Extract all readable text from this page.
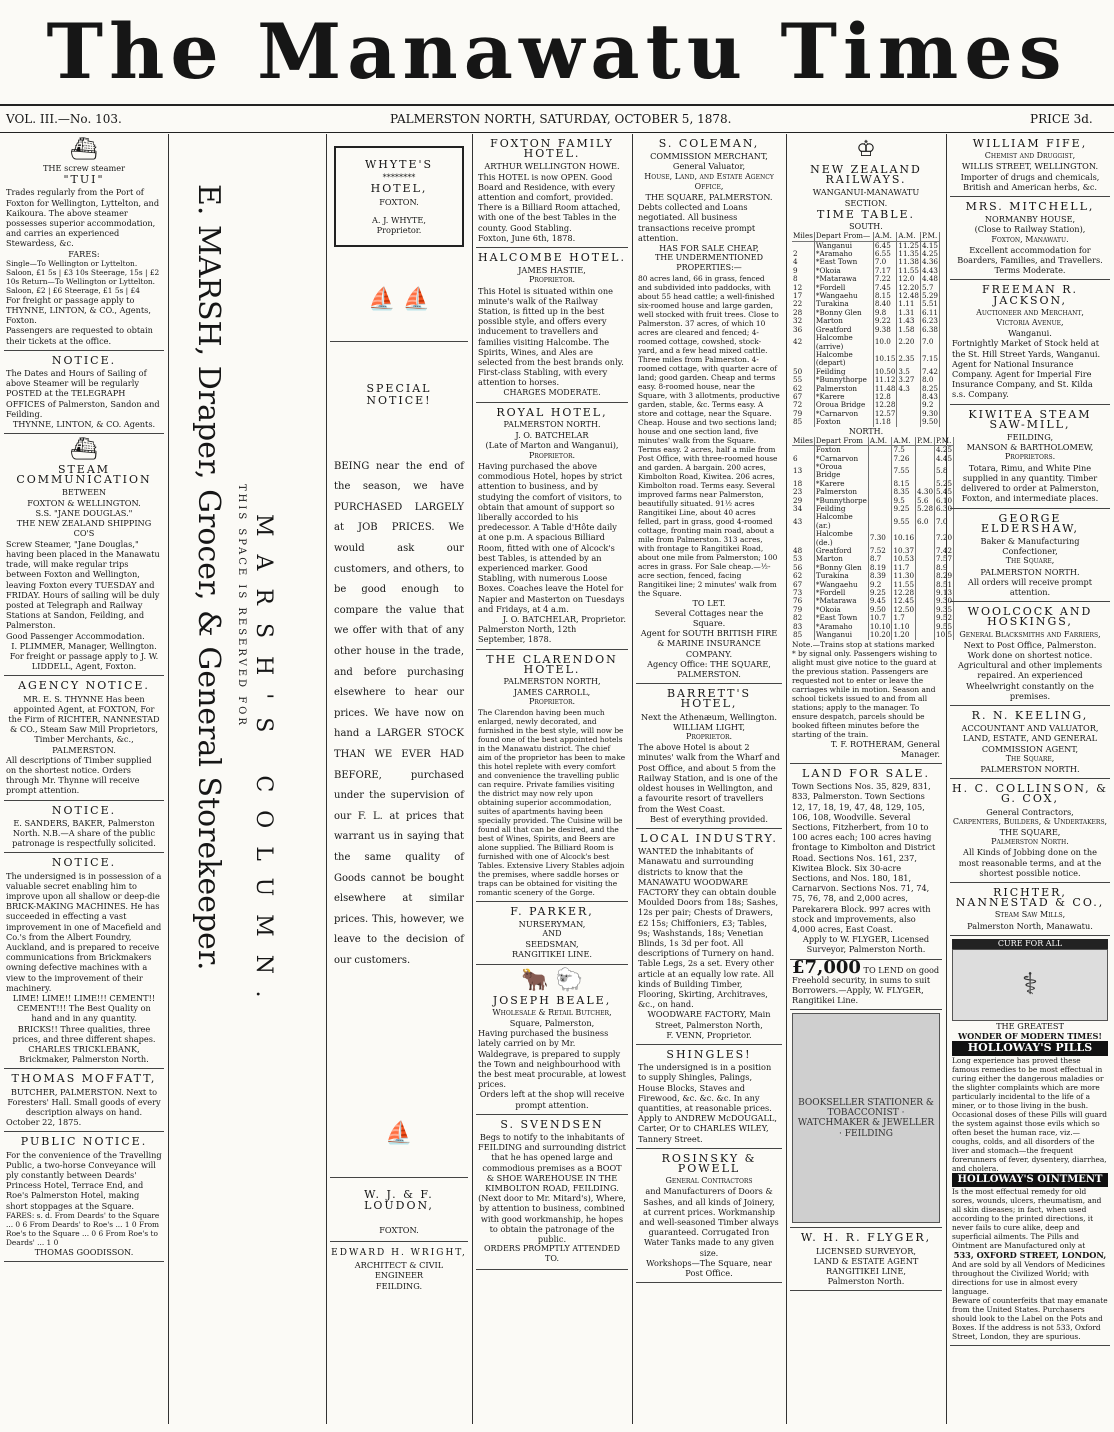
The Manawatu Times
VOL. III.—No. 103.	PALMERSTON NORTH, SATURDAY, OCTOBER 5, 1878.	PRICE 3d.
⛴
THE screw steamer
"TUI"
Trades regularly from the Port of Foxton for Wellington, Lyttelton, and Kaikoura. The above steamer possesses superior accommodation, and carries an experienced Stewardess, &c.
FARES:
Single—To Wellington or Lyttelton. Saloon, £1 5s | £3 10s Steerage, 15s | £2 10s Return—To Wellington or Lyttelton. Saloon, £2 | £6 Steerage, £1 5s | £4
For freight or passage apply to THYNNE, LINTON, & CO., Agents, Foxton.
Passengers are requested to obtain their tickets at the office.
NOTICE.
The Dates and Hours of Sailing of above Steamer will be regularly POSTED at the TELEGRAPH OFFICES of Palmerston, Sandon and Feilding.
THYNNE, LINTON, & CO. Agents.
⛴
STEAM COMMUNICATION
BETWEEN
FOXTON & WELLINGTON.
S.S. "JANE DOUGLAS."
THE NEW ZEALAND SHIPPING CO'S
Screw Steamer, "Jane Douglas," having been placed in the Manawatu trade, will make regular trips between Foxton and Wellington, leaving Foxton every TUESDAY and FRIDAY. Hours of sailing will be duly posted at Telegraph and Railway Stations at Sandon, Feilding, and Palmerston.
Good Passenger Accommodation.
I. PLIMMER, Manager, Wellington.
For freight or passage apply to J. W. LIDDELL, Agent, Foxton.
AGENCY NOTICE.
MR. E. S. THYNNE Has been appointed Agent, at FOXTON, For the Firm of RICHTER, NANNESTAD & CO., Steam Saw Mill Proprietors, Timber Merchants, &c., PALMERSTON.
All descriptions of Timber supplied on the shortest notice. Orders through Mr. Thynne will receive prompt attention.
NOTICE.
E. SANDERS, BAKER, Palmerston North. N.B.—A share of the public patronage is respectfully solicited.
NOTICE.
The undersigned is in possession of a valuable secret enabling him to improve upon all shallow or deep-die BRICK-MAKING MACHINES. He has succeeded in effecting a vast improvement in one of Macefield and Co.'s from the Albert Foundry, Auckland, and is prepared to receive communications from Brickmakers owning defective machines with a view to the improvement of their machinery.
LIME! LIME!! LIME!!! CEMENT!! CEMENT!!! The Best Quality on hand and in any quantity.
BRICKS!! Three qualities, three prices, and three different shapes.
CHARLES TRICKLEBANK, Brickmaker, Palmerston North.
THOMAS MOFFATT,
BUTCHER, PALMERSTON. Next to Foresters' Hall. Small goods of every description always on hand.
October 22, 1875.
PUBLIC NOTICE.
For the convenience of the Travelling Public, a two-horse Conveyance will ply constantly between Deards' Princess Hotel, Terrace End, and Roe's Palmerston Hotel, making short stoppages at the Square.
FARES: s. d. From Deards' to the Square ... 0 6 From Deards' to Roe's ... 1 0 From Roe's to the Square ... 0 6 From Roe's to Deards' ... 1 0
THOMAS GOODISSON.
E. MARSH, Draper, Grocer, & General Storekeeper. THIS SPACE IS RESERVED FOR MARSH'S COLUMN.
WHYTE'S
********
HOTEL,
FOXTON.
A. J. WHYTE,
Proprietor.
⛵ ⛵
SPECIAL
NOTICE!
BEING near the end of the season, we have PURCHASED LARGELY at JOB PRICES. We would ask our customers, and others, to be good enough to compare the value that we offer with that of any other house in the trade, and before purchasing elsewhere to hear our prices. We have now on hand a LARGER STOCK THAN WE EVER HAD BEFORE, purchased under the supervision of our F. L. at prices that warrant us in saying that the same quality of Goods cannot be bought elsewhere at similar prices. This, however, we leave to the decision of our customers.
⛵
W. J. & F. LOUDON,
FOXTON.
EDWARD H. WRIGHT,
ARCHITECT & CIVIL ENGINEER
FEILDING.
FOXTON FAMILY HOTEL.
ARTHUR WELLINGTON HOWE.
This HOTEL is now OPEN. Good Board and Residence, with every attention and comfort, provided. There is a Billiard Room attached, with one of the best Tables in the county. Good Stabling.
Foxton, June 6th, 1878.
HALCOMBE HOTEL.
JAMES HASTIE,
Proprietor.
This Hotel is situated within one minute's walk of the Railway Station, is fitted up in the best possible style, and offers every inducement to travellers and families visiting Halcombe. The Spirits, Wines, and Ales are selected from the best brands only. First-class Stabling, with every attention to horses.
CHARGES MODERATE.
ROYAL HOTEL,
PALMERSTON NORTH.
J. O. BATCHELAR
(Late of Marton and Wanganui),
Proprietor.
Having purchased the above commodious Hotel, hopes by strict attention to business, and by studying the comfort of visitors, to obtain that amount of support so liberally accorded to his predecessor. A Table d'Hôte daily at one p.m. A spacious Billiard Room, fitted with one of Alcock's best Tables, is attended by an experienced marker. Good Stabling, with numerous Loose Boxes. Coaches leave the Hotel for Napier and Masterton on Tuesdays and Fridays, at 4 a.m.
J. O. BATCHELAR, Proprietor.
Palmerston North, 12th September, 1878.
THE CLARENDON HOTEL.
PALMERSTON NORTH,
JAMES CARROLL,
Proprietor.
The Clarendon having been much enlarged, newly decorated, and furnished in the best style, will now be found one of the best appointed hotels in the Manawatu district. The chief aim of the proprietor has been to make this hotel replete with every comfort and convenience the travelling public can require. Private families visiting the district may now rely upon obtaining superior accommodation, suites of apartments having been specially provided. The Cuisine will be found all that can be desired, and the best of Wines, Spirits, and Beers are alone supplied. The Billiard Room is furnished with one of Alcock's best Tables. Extensive Livery Stables adjoin the premises, where saddle horses or traps can be obtained for visiting the romantic scenery of the Gorge.
F. PARKER,
NURSERYMAN,
AND
SEEDSMAN,
RANGITIKEI LINE.
🐂 🐑
JOSEPH BEALE,
Wholesale & Retail Butcher,
Square, Palmerston,
Having purchased the business lately carried on by Mr. Waldegrave, is prepared to supply the Town and neighbourhood with the best meat procurable, at lowest prices.
Orders left at the shop will receive prompt attention.
S. SVENDSEN
Begs to notify to the inhabitants of FEILDING and surrounding district that he has opened large and commodious premises as a BOOT & SHOE WAREHOUSE IN THE KIMBOLTON ROAD, FEILDING. (Next door to Mr. Mitard's), Where, by attention to business, combined with good workmanship, he hopes to obtain the patronage of the public.
ORDERS PROMPTLY ATTENDED TO.
S. COLEMAN,
COMMISSION MERCHANT,
General Valuator,
House, Land, and Estate Agency Office,
THE SQUARE, PALMERSTON.
Debts collected and Loans negotiated. All business transactions receive prompt attention.
HAS FOR SALE CHEAP,
THE UNDERMENTIONED PROPERTIES:—
80 acres land, 66 in grass, fenced and subdivided into paddocks, with about 55 head cattle; a well-finished six-roomed house and large garden, well stocked with fruit trees. Close to Palmerston. 37 acres, of which 10 acres are cleared and fenced; 4-roomed cottage, cowshed, stock-yard, and a few head mixed cattle. Three miles from Palmerston. 4-roomed cottage, with quarter acre of land; good garden. Cheap and terms easy. 8-roomed house, near the Square, with 3 allotments, productive garden, stable, &c. Terms easy. A store and cottage, near the Square. Cheap. House and two sections land; house and one section land, five minutes' walk from the Square. Terms easy. 2 acres, half a mile from Post Office, with three-roomed house and garden. A bargain. 200 acres, Kimbolton Road, Kiwitea. 206 acres, Kimbolton road. Terms easy. Several improved farms near Palmerston, beautifully situated. 91½ acres Rangitikei Line, about 40 acres felled, part in grass, good 4-roomed cottage, fronting main road, about a mile from Palmerston. 313 acres, with frontage to Rangitikei Road, about one mile from Palmerston; 100 acres in grass. For Sale cheap.—½-acre section, fenced, facing Rangitikei line; 2 minutes' walk from the Square.
TO LET.
Several Cottages near the Square.
Agent for SOUTH BRITISH FIRE & MARINE INSURANCE COMPANY.
Agency Office: THE SQUARE, PALMERSTON.
BARRETT'S HOTEL,
Next the Athenæum, Wellington.
WILLIAM LIGHT,
Proprietor.
The above Hotel is about 2 minutes' walk from the Wharf and Post Office, and about 5 from the Railway Station, and is one of the oldest houses in Wellington, and a favourite resort of travellers from the West Coast.
Best of everything provided.
LOCAL INDUSTRY.
WANTED the inhabitants of Manawatu and surrounding districts to know that the MANAWATU WOODWARE FACTORY they can obtain double Moulded Doors from 18s; Sashes, 12s per pair; Chests of Drawers, £2 15s; Chiffoniers, £3; Tables, 9s; Washstands, 18s; Venetian Blinds, 1s 3d per foot. All descriptions of Turnery on hand. Table Legs, 2s a set. Every other article at an equally low rate. All kinds of Building Timber, Flooring, Skirting, Architraves, &c., on hand.
WOODWARE FACTORY, Main Street, Palmerston North,
F. VENN, Proprietor.
SHINGLES!
The undersigned is in a position to supply Shingles, Palings, House Blocks, Staves and Firewood, &c. &c. &c. In any quantities, at reasonable prices. Apply to ANDREW McDOUGALL, Carter, Or to CHARLES WILEY, Tannery Street.
ROSINSKY & POWELL
General Contractors
and Manufacturers of Doors & Sashes, and all kinds of Joinery, at current prices. Workmanship and well-seasoned Timber always guaranteed. Corrugated Iron Water Tanks made to any given size.
Workshops—The Square, near Post Office.
♔
NEW ZEALAND RAILWAYS.
WANGANUI-MANAWATU SECTION.
TIME TABLE.
SOUTH.
Miles	Depart From—	A.M.	A.M.	P.M.
	Wanganui	6.45	11.25	4.15
2	*Aramaho	6.55	11.35	4.25
4	*East Town	7.0	11.38	4.36
9	*Okoia	7.17	11.55	4.43
8	*Matarawa	7.22	12.0	4.48
12	*Fordell	7.45	12.20	5.7
17	*Wangaehu	8.15	12.48	5.29
22	Turakina	8.40	1.11	5.51
28	*Bonny Glen	9.8	1.31	6.11
32	Marton	9.22	1.43	6.23
36	Greatford	9.38	1.58	6.38
42	Halcombe (arrive)	10.0	2.20	7.0
	Halcombe (depart)	10.15	2.35	7.15
50	Feilding	10.50	3.5	7.42
55	*Bunnythorpe	11.12	3.27	8.0
62	Palmerston	11.48	4.3	8.25
67	*Karere	12.8		8.43
72	Oroua Bridge	12.28		9.2
79	*Carnarvon	12.57		9.30
85	Foxton	1.18		9.50
NORTH.
Miles	Depart From	A.M.	A.M.	P.M.	P.M.
	Foxton		7.5		4.25
6	*Carnarvon		7.26		4.45
13	*Oroua Bridge		7.55		5.8
18	*Karere		8.15		5.25
23	Palmerston		8.35	4.30	5.45
29	*Bunnythorpe		9.5	5.6	6.10
34	Feilding		9.25	5.28	6.30
43	Halcombe (ar.)		9.55	6.0	7.0
	Halcombe (de.)	7.30	10.16		7.20
48	Greatford	7.52	10.37		7.42
53	Marton	8.7	10.53		7.57
56	*Bonny Glen	8.19	11.7		8.9
62	Turakina	8.39	11.30		8.29
67	*Wangaehu	9.2	11.55		8.51
73	*Fordell	9.25	12.28		9.13
76	*Matarawa	9.45	12.45		9.30
79	*Okoia	9.50	12.50		9.35
82	*East Town	10.7	1.7		9.52
83	*Aramaho	10.10	1.10		9.55
85	Wanganui	10.20	1.20		10.5
Note.—Trains stop at stations marked * by signal only. Passengers wishing to alight must give notice to the guard at the previous station. Passengers are requested not to enter or leave the carriages while in motion. Season and school tickets issued to and from all stations; apply to the manager. To ensure despatch, parcels should be booked fifteen minutes before the starting of the train.
T. F. ROTHERAM, General Manager.
LAND FOR SALE.
Town Sections Nos. 35, 829, 831, 833, Palmerston. Town Sections 12, 17, 18, 19, 47, 48, 129, 105, 106, 108, Woodville. Several Sections, Fitzherbert, from 10 to 100 acres each; 100 acres having frontage to Kimbolton and District Road. Sections Nos. 161, 237, Kiwitea Block. Six 30-acre Sections, and Nos. 180, 181, Carnarvon. Sections Nos. 71, 74, 75, 76, 78, and 2,000 acres, Parekarera Block. 997 acres with stock and improvements, also 4,000 acres, East Coast.
Apply to W. FLYGER, Licensed Surveyor, Palmerston North.
£7,000 TO LEND on good Freehold security, in sums to suit Borrowers.—Apply, W. FLYGER, Rangitikei Line.
BOOKSELLER STATIONER & TOBACCONIST · WATCHMAKER & JEWELLER · FEILDING
W. H. R. FLYGER,
LICENSED SURVEYOR,
LAND & ESTATE AGENT
RANGITIKEI LINE,
Palmerston North.
WILLIAM FIFE,
Chemist and Druggist,
WILLIS STREET, WELLINGTON.
Importer of drugs and chemicals, British and American herbs, &c.
MRS. MITCHELL,
NORMANBY HOUSE,
(Close to Railway Station),
Foxton, Manawatu.
Excellent accommodation for Boarders, Families, and Travellers.
Terms Moderate.
FREEMAN R. JACKSON,
Auctioneer and Merchant,
Victoria Avenue,
Wanganui.
Fortnightly Market of Stock held at the St. Hill Street Yards, Wanganui. Agent for National Insurance Company. Agent for Imperial Fire Insurance Company, and St. Kilda s.s. Company.
KIWITEA STEAM SAW-MILL,
FEILDING,
MANSON & BARTHOLOMEW,
Proprietors.
Totara, Rimu, and White Pine supplied in any quantity. Timber delivered to order at Palmerston, Foxton, and intermediate places.
GEORGE ELDERSHAW,
Baker & Manufacturing Confectioner,
The Square,
PALMERSTON NORTH.
All orders will receive prompt attention.
WOOLCOCK AND HOSKINGS,
General Blacksmiths and Farriers,
Next to Post Office, Palmerston.
Work done on shortest notice. Agricultural and other implements repaired. An experienced Wheelwright constantly on the premises.
R. N. KEELING,
ACCOUNTANT AND VALUATOR, LAND, ESTATE, AND GENERAL COMMISSION AGENT,
The Square,
PALMERSTON NORTH.
H. C. COLLINSON, & G. COX,
General Contractors,
Carpenters, Builders, & Undertakers,
THE SQUARE,
Palmerston North.
All Kinds of Jobbing done on the most reasonable terms, and at the shortest possible notice.
RICHTER, NANNESTAD & CO.,
Steam Saw Mills,
Palmerston North, Manawatu.
CURE FOR ALL
⚕
THE GREATEST
WONDER OF MODERN TIMES!
HOLLOWAY'S PILLS
Long experience has proved these famous remedies to be most effectual in curing either the dangerous maladies or the slighter complaints which are more particularly incidental to the life of a miner, or to those living in the bush. Occasional doses of these Pills will guard the system against those evils which so often beset the human race, viz.—coughs, colds, and all disorders of the liver and stomach—the frequent forerunners of fever, dysentery, diarrhea, and cholera.
HOLLOWAY'S OINTMENT
Is the most effectual remedy for old sores, wounds, ulcers, rheumatism, and all skin diseases; in fact, when used according to the printed directions, it never fails to cure alike, deep and superficial ailments. The Pills and Ointment are Manufactured only at
533, OXFORD STREET, LONDON,
And are sold by all Vendors of Medicines throughout the Civilized World; with directions for use in almost every language.
Beware of counterfeits that may emanate from the United States. Purchasers should look to the Label on the Pots and Boxes. If the address is not 533, Oxford Street, London, they are spurious.
